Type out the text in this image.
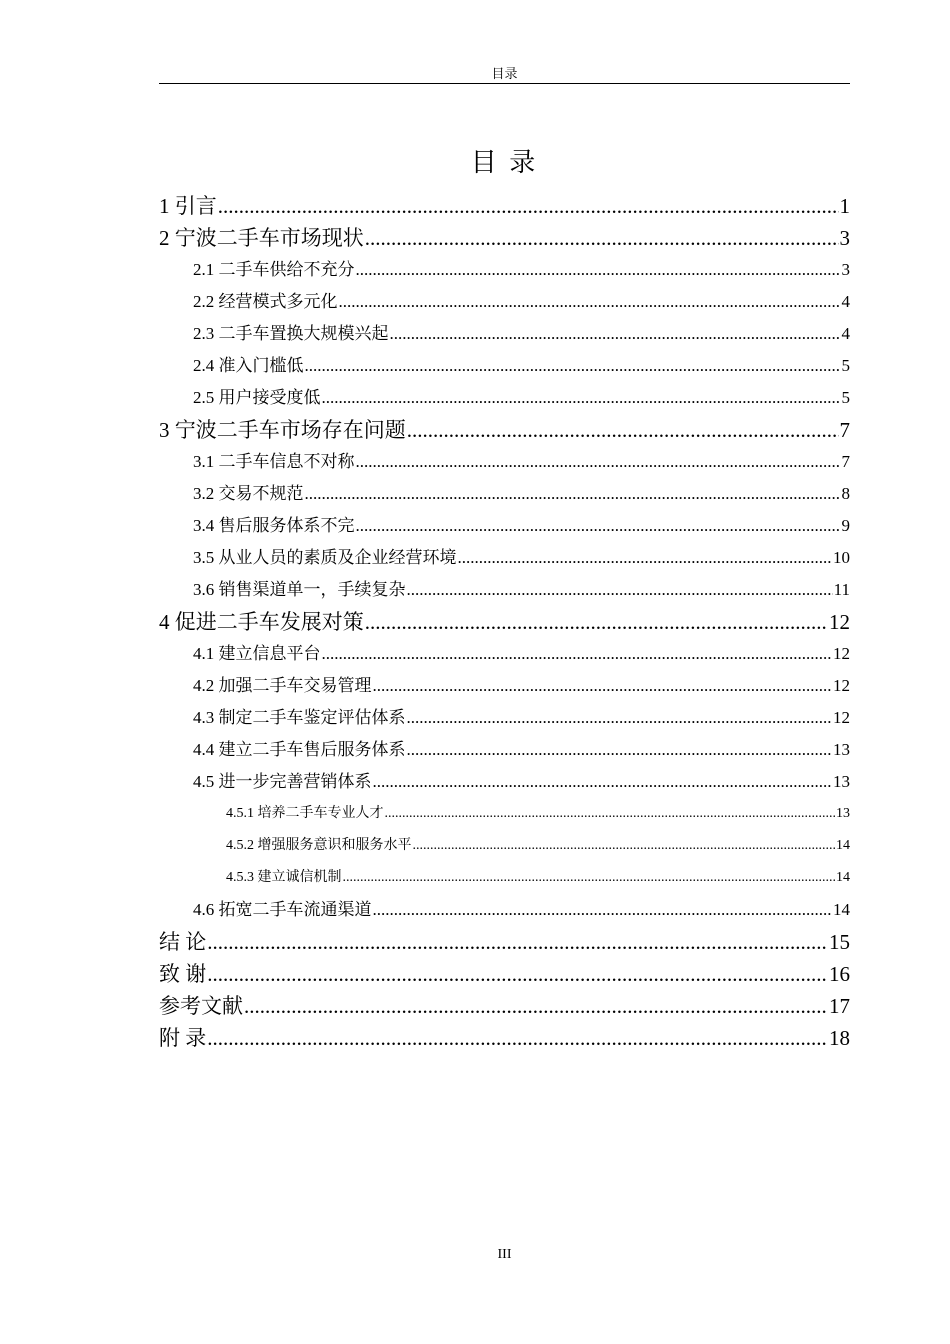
目录
目 录
1 引言 .....	1
2 宁波二手车市场现状 .....	3
2.1 二手车供给不充分 .....	3
2.2 经营模式多元化 .....	4
2.3 二手车置换大规模兴起 .....	4
2.4 准入门槛低 .....	5
2.5 用户接受度低 .....	5
3 宁波二手车市场存在问题 .....	7
3.1 二手车信息不对称 .....	7
3.2 交易不规范 .....	8
3.4 售后服务体系不完 .....	9
3.5 从业人员的素质及企业经营环境 .....	10
3.6 销售渠道单一，手续复杂 .....	11
4 促进二手车发展对策 .....	12
4.1 建立信息平台 .....	12
4.2 加强二手车交易管理 .....	12
4.3 制定二手车鉴定评估体系 .....	12
4.4 建立二手车售后服务体系 .....	13
4.5 进一步完善营销体系 .....	13
4.5.1 培养二手车专业人才 .....	13
4.5.2 增强服务意识和服务水平 .....	14
4.5.3 建立诚信机制 .....	14
4.6 拓宽二手车流通渠道 .....	14
结 论 .....	15
致 谢 .....	16
参考文献 .....	17
附 录 .....	18
III
